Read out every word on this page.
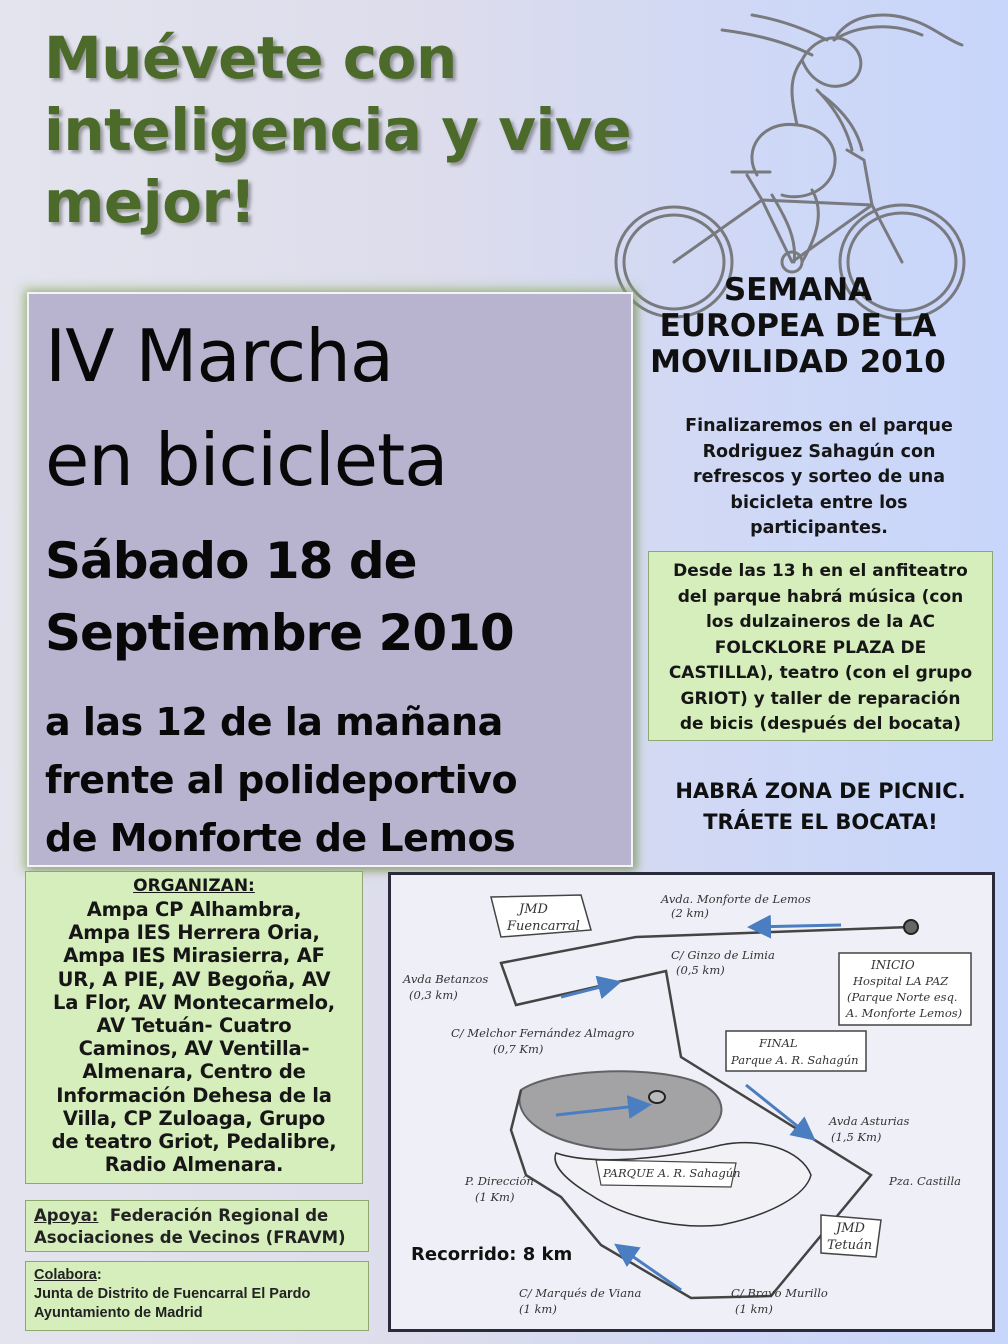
Muévete con
inteligencia y vive
mejor!
IV Marcha
en bicicleta
Sábado 18 de
Septiembre 2010
a las 12 de la mañana
frente al polideportivo
de Monforte de Lemos
SEMANA
EUROPEA DE LA
MOVILIDAD 2010
Finalizaremos en el parque
Rodriguez Sahagún con
refrescos y sorteo de una
bicicleta entre los
participantes.
Desde las 13 h en el anfiteatro
del parque habrá música (con
los dulzaineros de la AC
FOLCKLORE PLAZA DE
CASTILLA), teatro (con el grupo
GRIOT) y taller de reparación
de bicis (después del bocata)
HABRÁ ZONA DE PICNIC.
TRÁETE EL BOCATA!
ORGANIZAN:
Ampa CP Alhambra,
Ampa IES Herrera Oria,
Ampa IES Mirasierra, AF
UR, A PIE, AV Begoña, AV
La Flor, AV Montecarmelo,
AV Tetuán- Cuatro
Caminos, AV Ventilla-
Almenara, Centro de
Información Dehesa de la
Villa, CP Zuloaga, Grupo
de teatro Griot, Pedalibre,
Radio Almenara.
Apoya: Federación Regional de
Asociaciones de Vecinos (FRAVM)
Colabora:
Junta de Distrito de Fuencarral El Pardo
Ayuntamiento de Madrid
Avda. Monforte de Lemos
(2 km)
JMD
Fuencarral
C/ Ginzo de Limia
(0,5 km)
Avda Betanzos
(0,3 km)
INICIO
Hospital LA PAZ
(Parque Norte esq.
A. Monforte Lemos)
C/ Melchor Fernández Almagro
(0,7 Km)	FINAL
Parque A. R. Sahagún
Avda Asturias
(1,5 Km)
PARQUE A. R. Sahagún
Pza. Castilla
P. Dirección
(1 Km)
JMD
Tetuán
C/ Marqués de Viana
(1 km)
C/ Bravo Murillo
(1 km)
Recorrido: 8 km
